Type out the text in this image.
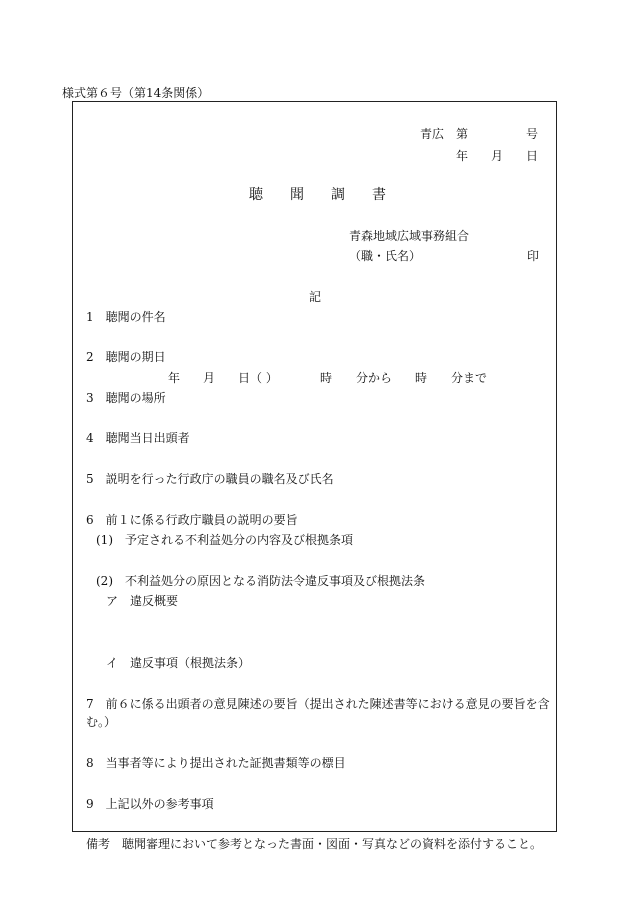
様式第６号（第14条関係）
青広 第	号
年 月 日
聴 聞 調 書
青森地域広域事務組合
（職・氏名）	印
記
1　聴聞の件名
2　聴聞の期日
年 月 日（ ）	時 分から 時 分まで
3　聴聞の場所
4　聴聞当日出頭者
5　説明を行った行政庁の職員の職名及び氏名
6　前１に係る行政庁職員の説明の要旨
(1)　予定される不利益処分の内容及び根拠条項
(2)　不利益処分の原因となる消防法令違反事項及び根拠法条
ア　違反概要
イ　違反事項（根拠法条）
7　前６に係る出頭者の意見陳述の要旨（提出された陳述書等における意見の要旨を含
む。）
8　当事者等により提出された証拠書類等の標目
9　上記以外の参考事項
備考　聴聞審理において参考となった書面・図面・写真などの資料を添付すること。
